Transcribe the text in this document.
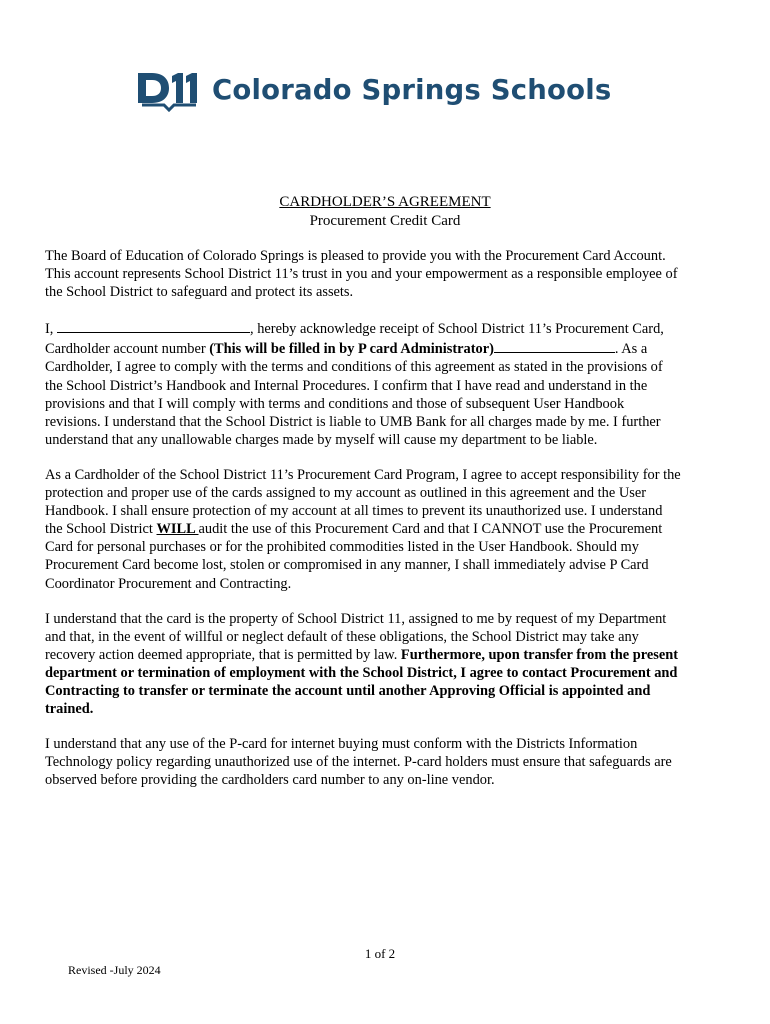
Colorado Springs Schools
CARDHOLDER’S AGREEMENT
Procurement Credit Card

The Board of Education of Colorado Springs is pleased to provide you with the Procurement Card Account. This account represents School District 11’s trust in you and your empowerment as a responsible employee of the School District to safeguard and protect its assets.

I,	, hereby acknowledge receipt of School District 11’s Procurement Card, Cardholder account number (This will be filled in by P card Administrator)	. As a Cardholder, I agree to comply with the terms and conditions of this agreement as stated in the provisions of the School District’s Handbook and Internal Procedures. I confirm that I have read and understand in the provisions and that I will comply with terms and conditions and those of subsequent User Handbook revisions. I understand that the School District is liable to UMB Bank for all charges made by me. I further understand that any unallowable charges made by myself will cause my department to be liable.

As a Cardholder of the School District 11’s Procurement Card Program, I agree to accept responsibility for the protection and proper use of the cards assigned to my account as outlined in this agreement and the User Handbook. I shall ensure protection of my account at all times to prevent its unauthorized use. I understand the School District WILL audit the use of this Procurement Card and that I CANNOT use the Procurement Card for personal purchases or for the prohibited commodities listed in the User Handbook. Should my Procurement Card become lost, stolen or compromised in any manner, I shall immediately advise P Card Coordinator Procurement and Contracting.

I understand that the card is the property of School District 11, assigned to me by request of my Department and that, in the event of willful or neglect default of these obligations, the School District may take any recovery action deemed appropriate, that is permitted by law. Furthermore, upon transfer from the present department or termination of employment with the School District, I agree to contact Procurement and Contracting to transfer or terminate the account until another Approving Official is appointed and trained.

I understand that any use of the P-card for internet buying must conform with the Districts Information Technology policy regarding unauthorized use of the internet. P-card holders must ensure that safeguards are observed before providing the cardholders card number to any on-line vendor.

1 of 2
Revised -July 2024
